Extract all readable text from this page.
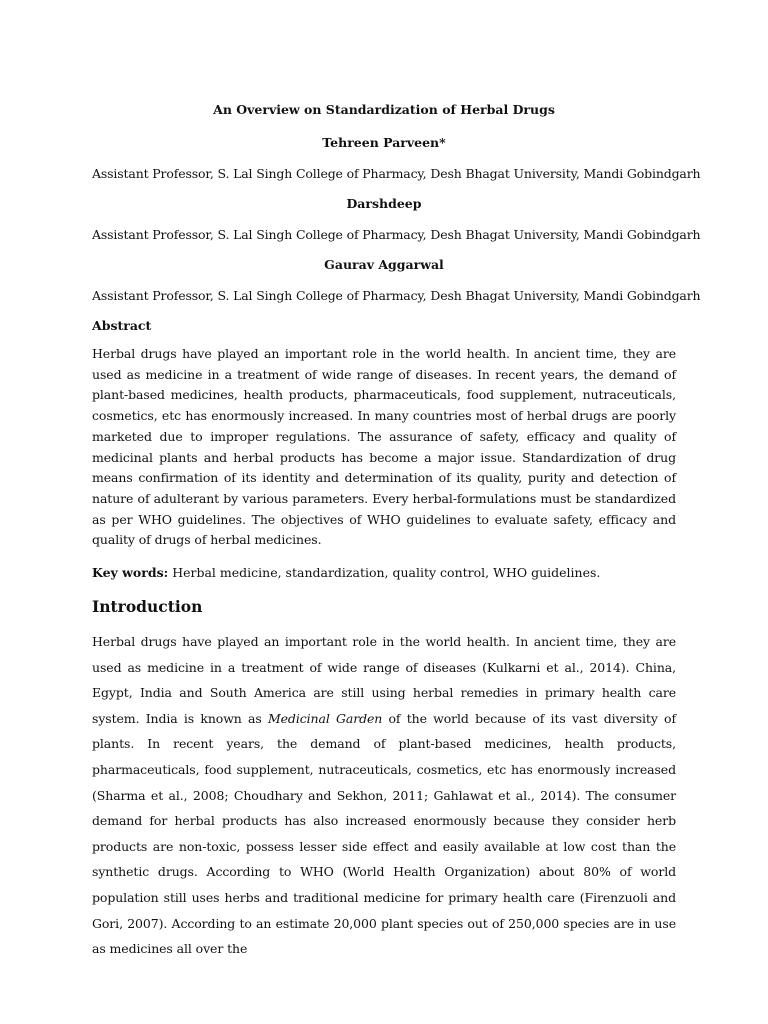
An Overview on Standardization of Herbal Drugs
Tehreen Parveen*
Assistant Professor, S. Lal Singh College of Pharmacy, Desh Bhagat University, Mandi Gobindgarh
Darshdeep
Assistant Professor, S. Lal Singh College of Pharmacy, Desh Bhagat University, Mandi Gobindgarh
Gaurav Aggarwal
Assistant Professor, S. Lal Singh College of Pharmacy, Desh Bhagat University, Mandi Gobindgarh
Abstract

Herbal drugs have played an important role in the world health. In ancient time, they are used as medicine in a treatment of wide range of diseases. In recent years, the demand of plant-based medicines, health products, pharmaceuticals, food supplement, nutraceuticals, cosmetics, etc has enormously increased. In many countries most of herbal drugs are poorly marketed due to improper regulations. The assurance of safety, efficacy and quality of medicinal plants and herbal products has become a major issue. Standardization of drug means confirmation of its identity and determination of its quality, purity and detection of nature of adulterant by various parameters. Every herbal-formulations must be standardized as per WHO guidelines. The objectives of WHO guidelines to evaluate safety, efficacy and quality of drugs of herbal medicines.

Key words: Herbal medicine, standardization, quality control, WHO guidelines.

Introduction

Herbal drugs have played an important role in the world health. In ancient time, they are used as medicine in a treatment of wide range of diseases (Kulkarni et al., 2014). China, Egypt, India and South America are still using herbal remedies in primary health care system. India is known as Medicinal Garden of the world because of its vast diversity of plants. In recent years, the demand of plant-based medicines, health products, pharmaceuticals, food supplement, nutraceuticals, cosmetics, etc has enormously increased (Sharma et al., 2008; Choudhary and Sekhon, 2011; Gahlawat et al., 2014). The consumer demand for herbal products has also increased enormously because they consider herb products are non-toxic, possess lesser side effect and easily available at low cost than the synthetic drugs. According to WHO (World Health Organization) about 80% of world population still uses herbs and traditional medicine for primary health care (Firenzuoli and Gori, 2007). According to an estimate 20,000 plant species out of 250,000 species are in use as medicines all over the
